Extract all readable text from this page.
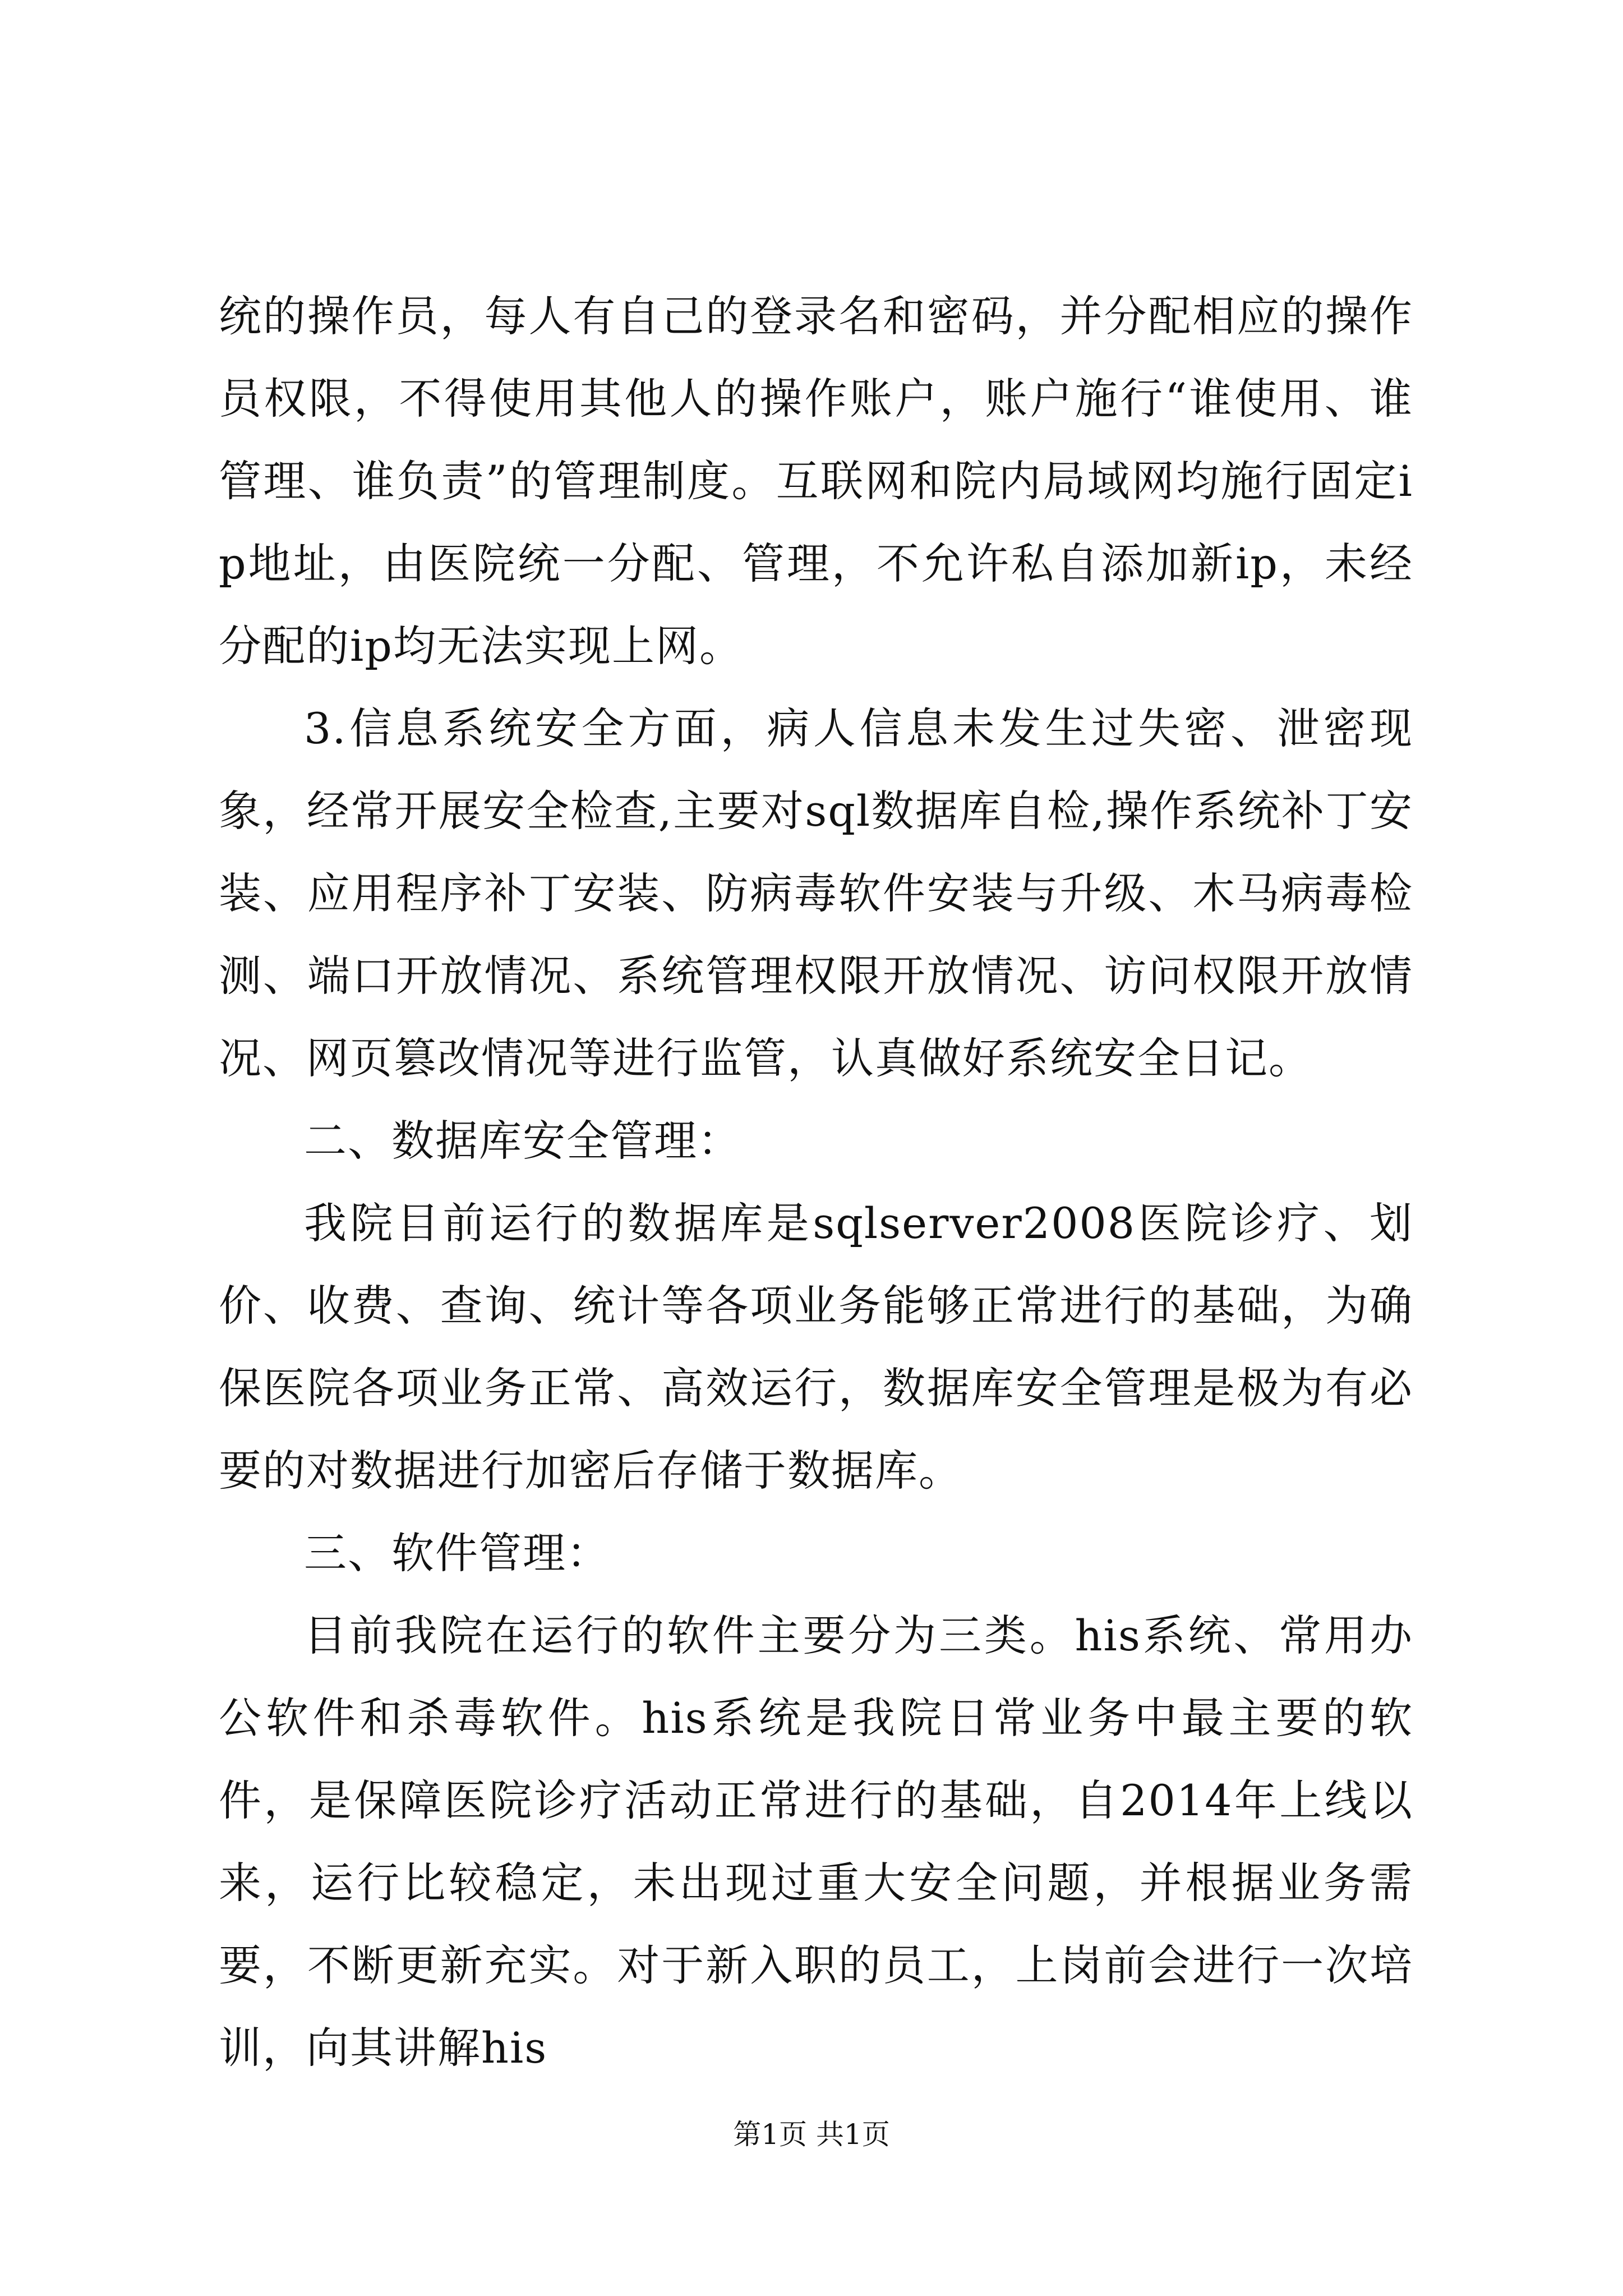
统的操作员，每人有自己的登录名和密码，并分配相应的操作员权限，不得使用其他人的操作账户，账户施行“谁使用、谁管理、谁负责”的管理制度。互联网和院内局域网均施行固定ip地址，由医院统一分配、管理，不允许私自添加新ip，未经分配的ip均无法实现上网。

3.信息系统安全方面，病人信息未发生过失密、泄密现象，经常开展安全检查,主要对sql数据库自检,操作系统补丁安装、应用程序补丁安装、防病毒软件安装与升级、木马病毒检测、端口开放情况、系统管理权限开放情况、访问权限开放情况、网页篡改情况等进行监管，认真做好系统安全日记。

二、数据库安全管理：

我院目前运行的数据库是sqlserver2008医院诊疗、划价、收费、查询、统计等各项业务能够正常进行的基础，为确保医院各项业务正常、高效运行，数据库安全管理是极为有必要的对数据进行加密后存储于数据库。

三、软件管理：

目前我院在运行的软件主要分为三类。his系统、常用办公软件和杀毒软件。his系统是我院日常业务中最主要的软件，是保障医院诊疗活动正常进行的基础，自2014年上线以来，运行比较稳定，未出现过重大安全问题，并根据业务需要，不断更新充实。对于新入职的员工，上岗前会进行一次培训，向其讲解his

第1页 共1页
